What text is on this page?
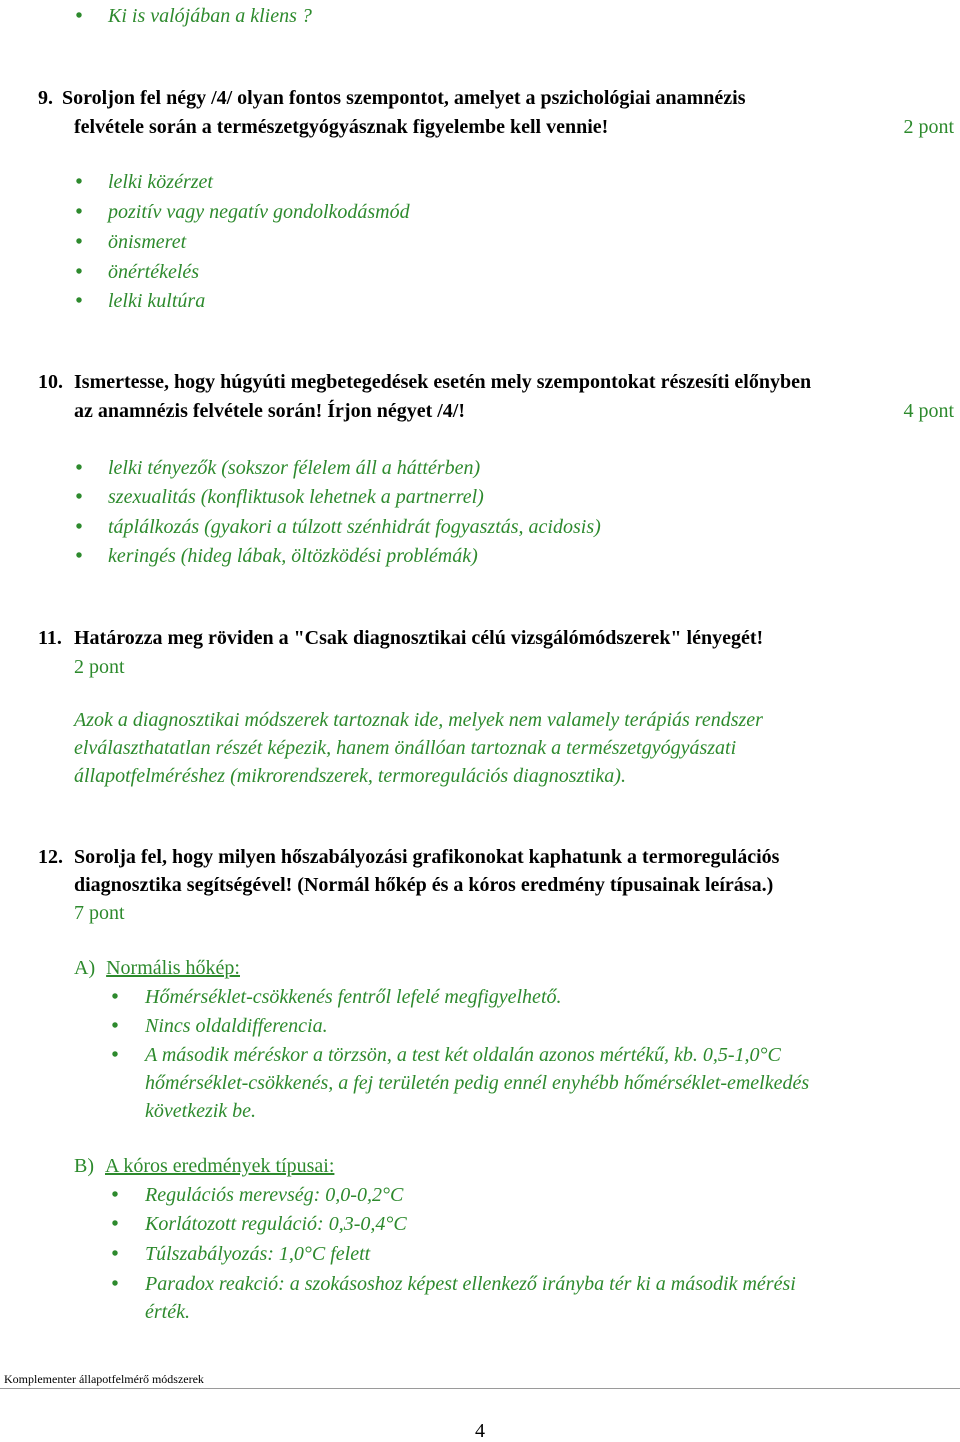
• Ki is valójában a kliens ?
9. Soroljon fel négy /4/ olyan fontos szempontot, amelyet a pszichológiai anamnézis
felvétele során a természetgyógyásznak figyelembe kell vennie!	2 pont
• lelki közérzet
• pozitív vagy negatív gondolkodásmód
• önismeret
• önértékelés
• lelki kultúra
10. Ismertesse, hogy húgyúti megbetegedések esetén mely szempontokat részesíti előnyben
az anamnézis felvétele során! Írjon négyet /4/!	4 pont
• lelki tényezők (sokszor félelem áll a háttérben)
• szexualitás (konfliktusok lehetnek a partnerrel)
• táplálkozás (gyakori a túlzott szénhidrát fogyasztás, acidosis)
• keringés (hideg lábak, öltözködési problémák)
11. Határozza meg röviden a "Csak diagnosztikai célú vizsgálómódszerek" lényegét!
2 pont
Azok a diagnosztikai módszerek tartoznak ide, melyek nem valamely terápiás rendszer
elválaszthatatlan részét képezik, hanem önállóan tartoznak a természetgyógyászati
állapotfelméréshez (mikrorendszerek, termoregulációs diagnosztika).
12. Sorolja fel, hogy milyen hőszabályozási grafikonokat kaphatunk a termoregulációs
diagnosztika segítségével! (Normál hőkép és a kóros eredmény típusainak leírása.)
7 pont
A) Normális hőkép:
• Hőmérséklet-csökkenés fentről lefelé megfigyelhető.
• Nincs oldaldifferencia.
• A második méréskor a törzsön, a test két oldalán azonos mértékű, kb. 0,5-1,0°C
hőmérséklet-csökkenés, a fej területén pedig ennél enyhébb hőmérséklet-emelkedés
következik be.
B) A kóros eredmények típusai:
• Regulációs merevség: 0,0-0,2°C
• Korlátozott reguláció: 0,3-0,4°C
• Túlszabályozás: 1,0°C felett
• Paradox reakció: a szokásoshoz képest ellenkező irányba tér ki a második mérési
érték.
Komplementer állapotfelmérő módszerek
4
